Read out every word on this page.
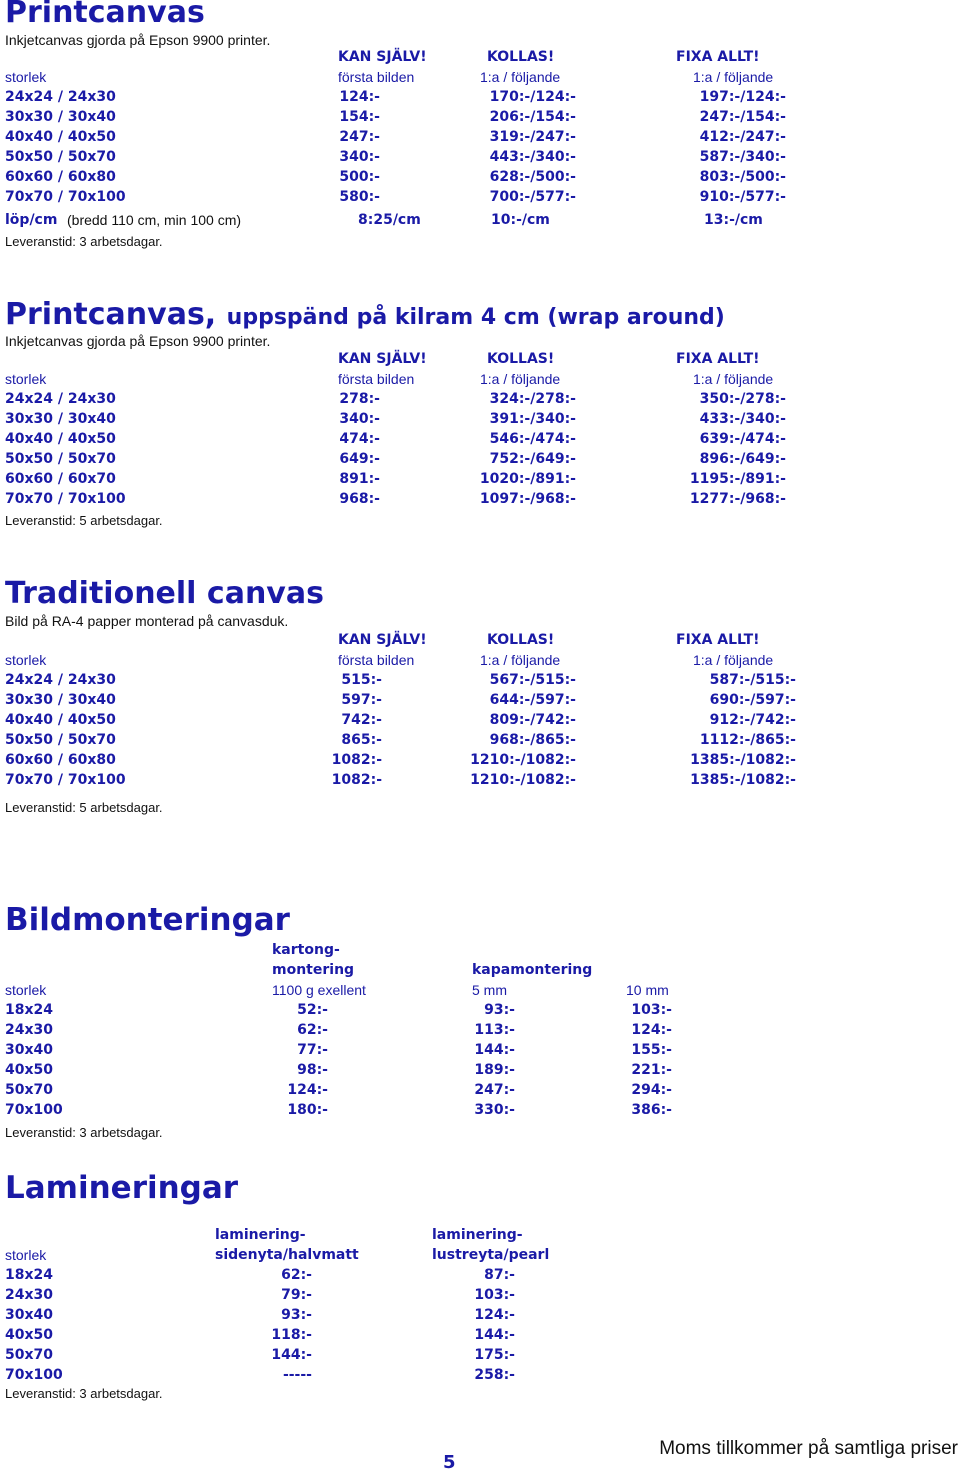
Printcanvas
Inkjetcanvas gjorda på Epson 9900 printer.
KAN SJÄLV!	KOLLAS!	FIXA ALLT!
storlek	första bilden	1:a / följande	1:a / följande
24x24 / 24x30	124:-	170:-/124:-	197:-/124:-
30x30 / 30x40	154:-	206:-/154:-	247:-/154:-
40x40 / 40x50	247:-	319:-/247:-	412:-/247:-
50x50 / 50x70	340:-	443:-/340:-	587:-/340:-
60x60 / 60x80	500:-	628:-/500:-	803:-/500:-
70x70 / 70x100	580:-	700:-/577:-	910:-/577:-
löp/cm (bredd 110 cm, min 100 cm)	8:25/cm	10:-/cm	13:-/cm
Leveranstid: 3 arbetsdagar.
Printcanvas, uppspänd på kilram 4 cm (wrap around)
Inkjetcanvas gjorda på Epson 9900 printer.
KAN SJÄLV!	KOLLAS!	FIXA ALLT!
storlek	första bilden	1:a / följande	1:a / följande
24x24 / 24x30	278:-	324:-/278:-	350:-/278:-
30x30 / 30x40	340:-	391:-/340:-	433:-/340:-
40x40 / 40x50	474:-	546:-/474:-	639:-/474:-
50x50 / 50x70	649:-	752:-/649:-	896:-/649:-
60x60 / 60x70	891:-	1020:-/891:-	1195:-/891:-
70x70 / 70x100	968:-	1097:-/968:-	1277:-/968:-
Leveranstid: 5 arbetsdagar.
Traditionell canvas
Bild på RA-4 papper monterad på canvasduk.
KAN SJÄLV!	KOLLAS!	FIXA ALLT!
storlek	första bilden	1:a / följande	1:a / följande
24x24 / 24x30	515:-	567:-/515:-	587:-/515:-
30x30 / 30x40	597:-	644:-/597:-	690:-/597:-
40x40 / 40x50	742:-	809:-/742:-	912:-/742:-
50x50 / 50x70	865:-	968:-/865:-	1112:-/865:-
60x60 / 60x80	1082:-	1210:-/1082:-	1385:-/1082:-
70x70 / 70x100	1082:-	1210:-/1082:-	1385:-/1082:-
Leveranstid: 5 arbetsdagar.
Bildmonteringar
kartong-
montering	kapamontering
storlek	1100 g exellent	5 mm	10 mm
18x24	52:-	93:-	103:-
24x30	62:-	113:-	124:-
30x40	77:-	144:-	155:-
40x50	98:-	189:-	221:-
50x70	124:-	247:-	294:-
70x100	180:-	330:-	386:-
Leveranstid: 3 arbetsdagar.
Lamineringar
laminering-
sidenyta/halvmatt
laminering-
lustreyta/pearl
storlek
18x24	62:-	87:-
24x30	79:-	103:-
30x40	93:-	124:-
40x50	118:-	144:-
50x70	144:-	175:-
70x100	-----	258:-
Leveranstid: 3 arbetsdagar.
5
Moms tillkommer på samtliga priser
